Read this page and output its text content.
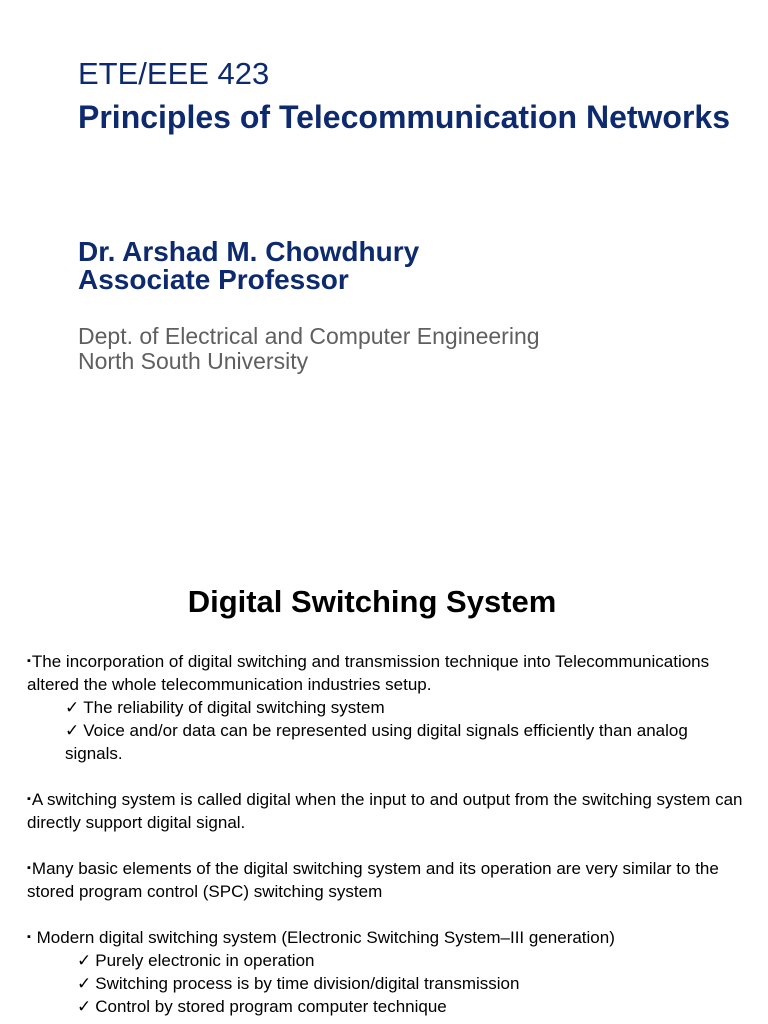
ETE/EEE 423
Principles of Telecommunication Networks
Dr. Arshad M. Chowdhury
Associate Professor
Dept. of Electrical and Computer Engineering
North South University
Digital Switching System

▪The incorporation of digital switching and transmission technique into Telecommunications altered the whole telecommunication industries setup.

✓ The reliability of digital switching system

✓ Voice and/or data can be represented using digital signals efficiently than analog signals.

▪A switching system is called digital when the input to and output from the switching system can directly support digital signal.

▪Many basic elements of the digital switching system and its operation are very similar to the stored program control (SPC) switching system

▪ Modern digital switching system (Electronic Switching System–III generation)

✓ Purely electronic in operation

✓ Switching process is by time division/digital transmission

✓ Control by stored program computer technique
